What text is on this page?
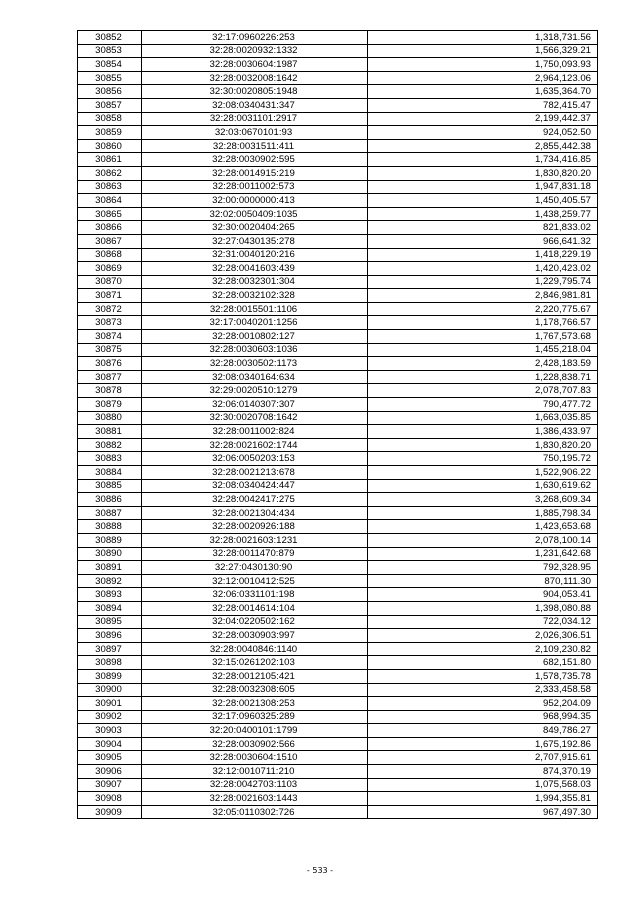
30852	32:17:0960226:253	1,318,731.56
30853	32:28:0020932:1332	1,566,329.21
30854	32:28:0030604:1987	1,750,093.93
30855	32:28:0032008:1642	2,964,123.06
30856	32:30:0020805:1948	1,635,364.70
30857	32:08:0340431:347	782,415.47
30858	32:28:0031101:2917	2,199,442.37
30859	32:03:0670101:93	924,052.50
30860	32:28:0031511:411	2,855,442.38
30861	32:28:0030902:595	1,734,416.85
30862	32:28:0014915:219	1,830,820.20
30863	32:28:0011002:573	1,947,831.18
30864	32:00:0000000:413	1,450,405.57
30865	32:02:0050409:1035	1,438,259.77
30866	32:30:0020404:265	821,833.02
30867	32:27:0430135:278	966,641.32
30868	32:31:0040120:216	1,418,229.19
30869	32:28:0041603:439	1,420,423.02
30870	32:28:0032301:304	1,229,795.74
30871	32:28:0032102:328	2,846,981.81
30872	32:28:0015501:1106	2,220,775.67
30873	32:17:0040201:1256	1,178,766.57
30874	32:28:0010802:127	1,767,573.68
30875	32:28:0030603:1036	1,455,218.04
30876	32:28:0030502:1173	2,428,183.59
30877	32:08:0340164:634	1,228,838.71
30878	32:29:0020510:1279	2,078,707.83
30879	32:06:0140307:307	790,477.72
30880	32:30:0020708:1642	1,663,035.85
30881	32:28:0011002:824	1,386,433.97
30882	32:28:0021602:1744	1,830,820.20
30883	32:06:0050203:153	750,195.72
30884	32:28:0021213:678	1,522,906.22
30885	32:08:0340424:447	1,630,619.62
30886	32:28:0042417:275	3,268,609.34
30887	32:28:0021304:434	1,885,798.34
30888	32:28:0020926:188	1,423,653.68
30889	32:28:0021603:1231	2,078,100.14
30890	32:28:0011470:879	1,231,642.68
30891	32:27:0430130:90	792,328.95
30892	32:12:0010412:525	870,111.30
30893	32:06:0331101:198	904,053.41
30894	32:28:0014614:104	1,398,080.88
30895	32:04:0220502:162	722,034.12
30896	32:28:0030903:997	2,026,306.51
30897	32:28:0040846:1140	2,109,230.82
30898	32:15:0261202:103	682,151.80
30899	32:28:0012105:421	1,578,735.78
30900	32:28:0032308:605	2,333,458.58
30901	32:28:0021308:253	952,204.09
30902	32:17:0960325:289	968,994.35
30903	32:20:0400101:1799	849,786.27
30904	32:28:0030902:566	1,675,192.86
30905	32:28:0030604:1510	2,707,915.61
30906	32:12:0010711:210	874,370.19
30907	32:28:0042703:1103	1,075,568.03
30908	32:28:0021603:1443	1,994,355.81
30909	32:05:0110302:726	967,497.30
- 533 -
